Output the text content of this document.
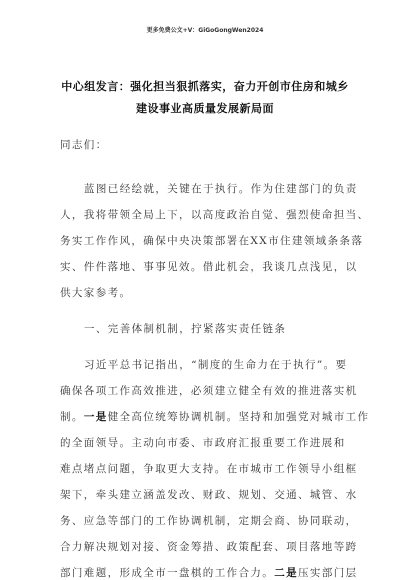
更多免费公文+V：GiGoGongWen2024
中心组发言：强化担当狠抓落实，奋力开创市住房和城乡
建设事业高质量发展新局面
同志们：
蓝图已经绘就，关键在于执行。作为住建部门的负责
人，我将带领全局上下，以高度政治自觉、强烈使命担当、
务实工作作风，确保中央决策部署在XX市住建领域条条落
实、件件落地、事事见效。借此机会，我谈几点浅见，以
供大家参考。
一、完善体制机制，拧紧落实责任链条
习近平总书记指出，“制度的生命力在于执行”。要
确保各项工作高效推进，必须建立健全有效的推进落实机
制。一是健全高位统筹协调机制。坚持和加强党对城市工作
的全面领导。主动向市委、市政府汇报重要工作进展和
难点堵点问题，争取更大支持。在市城市工作领导小组框
架下，牵头建立涵盖发改、财政、规划、交通、城管、水
务、应急等部门的工作协调机制，定期会商、协同联动，
合力解决规划对接、资金筹措、政策配套、项目落地等跨
部门难题，形成全市一盘棋的工作合力。二是压实部门层
